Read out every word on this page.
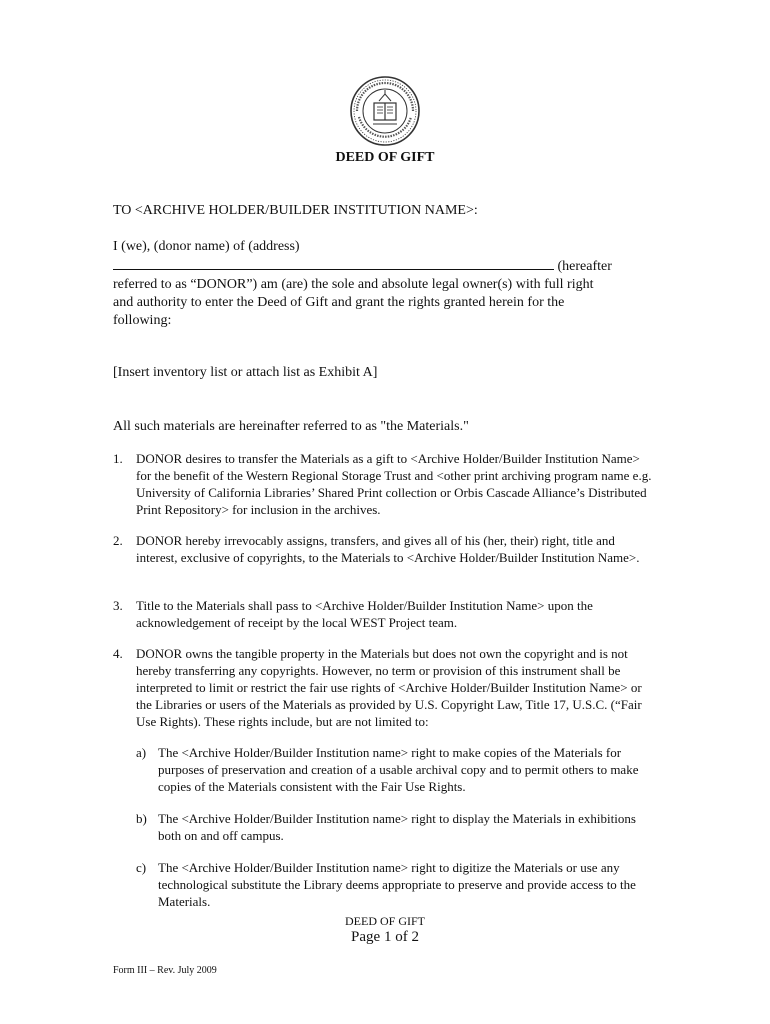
DEED OF GIFT
TO <ARCHIVE HOLDER/BUILDER INSTITUTION NAME>:
I (we), (donor name) of (address)
(hereafter
referred to as “DONOR”) am (are) the sole and absolute legal owner(s) with full right
and authority to enter the Deed of Gift and grant the rights granted herein for the
following:
[Insert inventory list or attach list as Exhibit A]
All such materials are hereinafter referred to as "the Materials."
1. DONOR desires to transfer the Materials as a gift to <Archive Holder/Builder Institution Name> for the benefit of the Western Regional Storage Trust and <other print archiving program name e.g. University of California Libraries’ Shared Print collection or Orbis Cascade Alliance’s Distributed Print Repository> for inclusion in the archives.
2. DONOR hereby irrevocably assigns, transfers, and gives all of his (her, their) right, title and interest, exclusive of copyrights, to the Materials to <Archive Holder/Builder Institution Name>.
3. Title to the Materials shall pass to <Archive Holder/Builder Institution Name> upon the acknowledgement of receipt by the local WEST Project team.
4. DONOR owns the tangible property in the Materials but does not own the copyright and is not hereby transferring any copyrights. However, no term or provision of this instrument shall be interpreted to limit or restrict the fair use rights of <Archive Holder/Builder Institution Name> or the Libraries or users of the Materials as provided by U.S. Copyright Law, Title 17, U.S.C. (“Fair Use Rights). These rights include, but are not limited to:
a) The <Archive Holder/Builder Institution name> right to make copies of the Materials for purposes of preservation and creation of a usable archival copy and to permit others to make copies of the Materials consistent with the Fair Use Rights.
b) The <Archive Holder/Builder Institution name> right to display the Materials in exhibitions both on and off campus.
c) The <Archive Holder/Builder Institution name> right to digitize the Materials or use any technological substitute the Library deems appropriate to preserve and provide access to the Materials.
DEED OF GIFT
Page 1 of 2
Form III – Rev. July 2009
